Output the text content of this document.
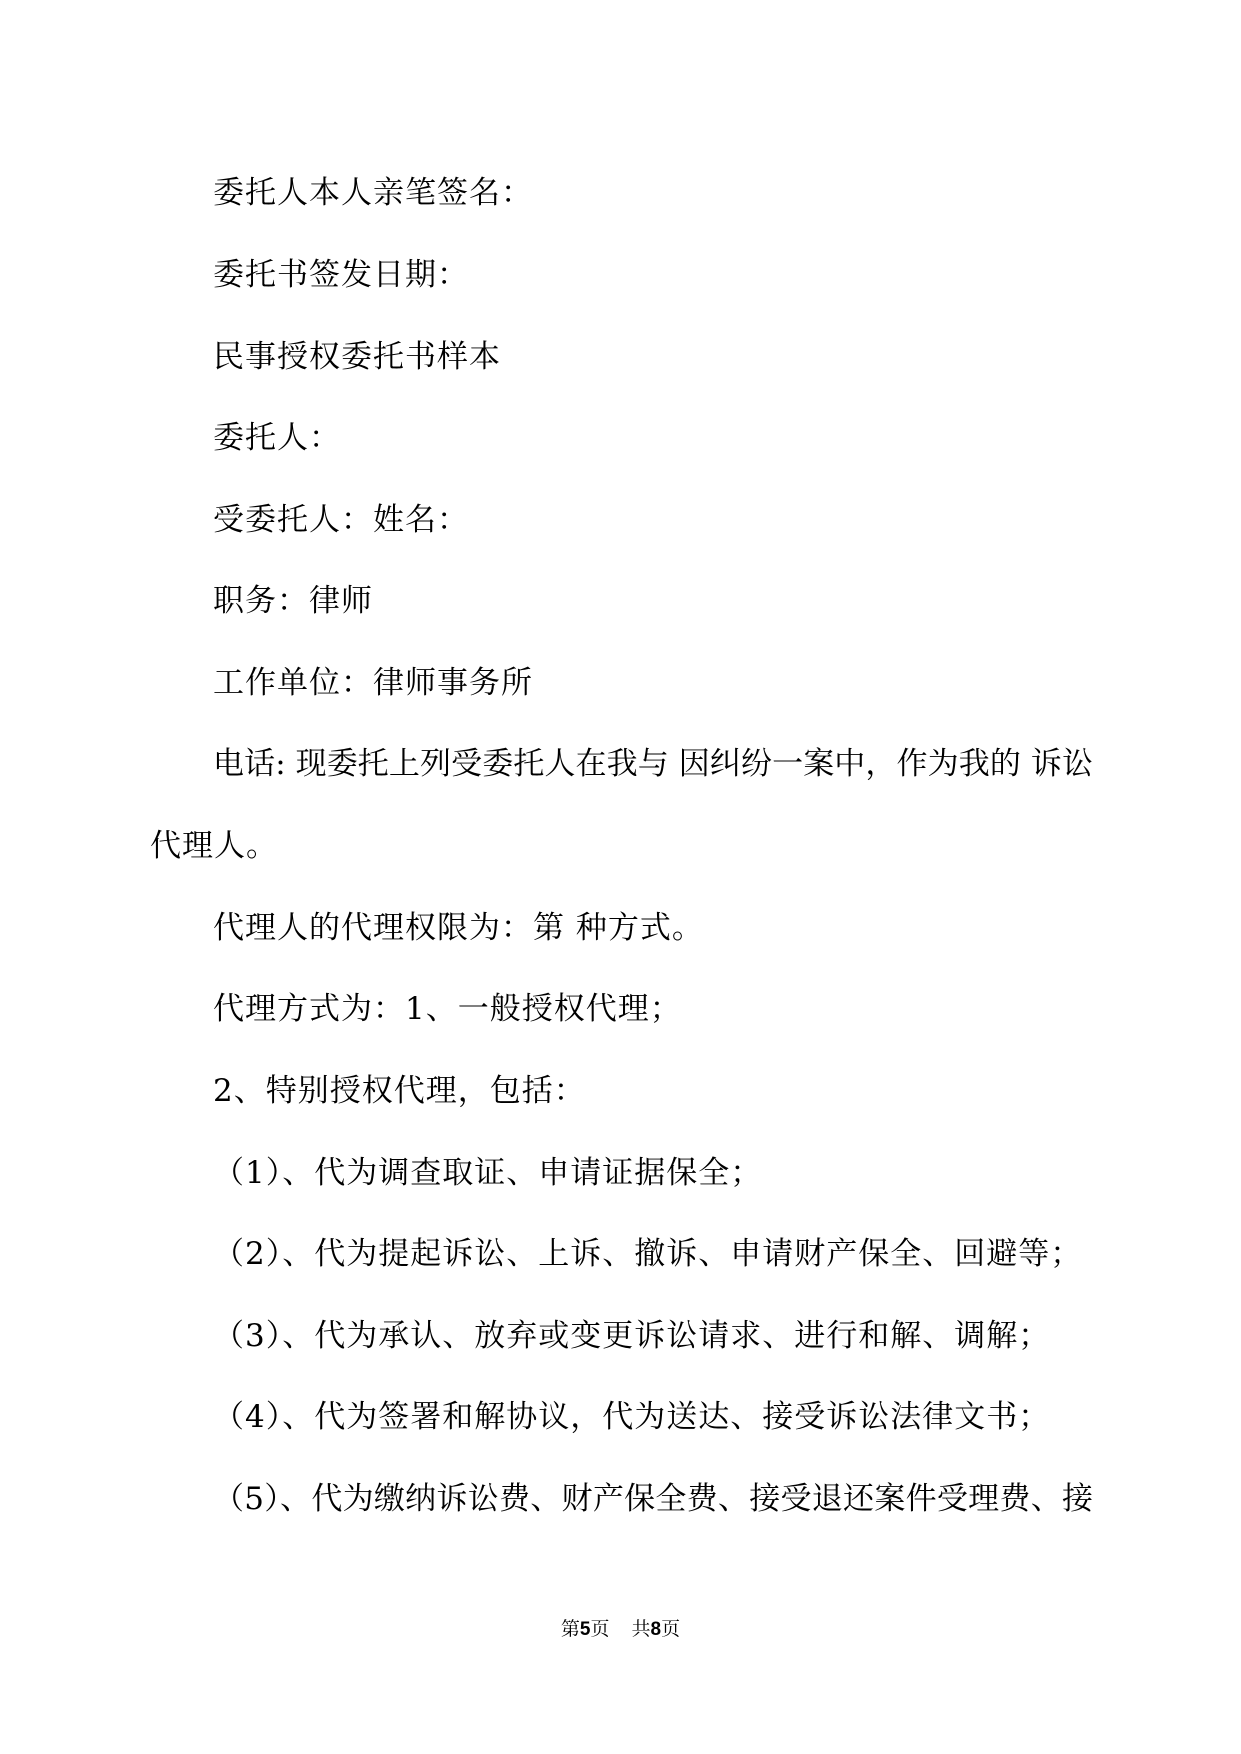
委托人本人亲笔签名：
委托书签发日期：
民事授权委托书样本
委托人：
受委托人：姓名：
职务：律师
工作单位：律师事务所
电话: 现委托上列受委托人在我与 因纠纷一案中，作为我的 诉讼
代理人。
代理人的代理权限为：第 种方式。
代理方式为：1、一般授权代理；
2、特别授权代理，包括：
（1）、代为调查取证、申请证据保全；
（2）、代为提起诉讼、上诉、撤诉、申请财产保全、回避等；
（3）、代为承认、放弃或变更诉讼请求、进行和解、调解；
（4）、代为签署和解协议，代为送达、接受诉讼法律文书；
（5）、代为缴纳诉讼费、财产保全费、接受退还案件受理费、接
第5页 共8页
